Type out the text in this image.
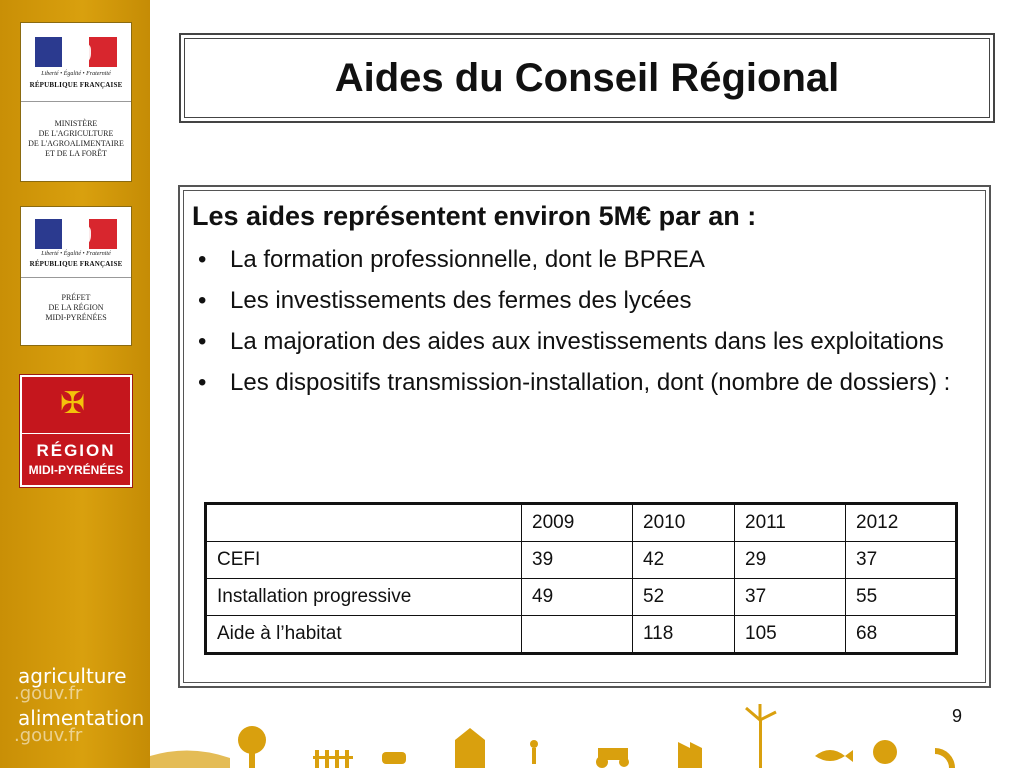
Liberté • Égalité • Fraternité
RÉPUBLIQUE FRANÇAISE
MINISTÈRE
DE L'AGRICULTURE
DE L'AGROALIMENTAIRE
ET DE LA FORÊT
Liberté • Égalité • Fraternité
RÉPUBLIQUE FRANÇAISE
PRÉFET
DE LA RÉGION
MIDI-PYRÉNÉES
✠
RÉGION
MIDI-PYRÉNÉES
agriculture
.gouv.fr
alimentation
.gouv.fr
Aides du Conseil Régional
Les aides représentent environ 5M€ par an :
• La formation professionnelle, dont le BPREA
• Les investissements des fermes des lycées
• La majoration des aides aux investissements dans les exploitations
• Les dispositifs transmission-installation, dont (nombre de dossiers) :
	2009	2010	2011	2012
CEFI	39	42	29	37
Installation progressive	49	52	37	55
Aide à l’habitat		118	105	68
9
